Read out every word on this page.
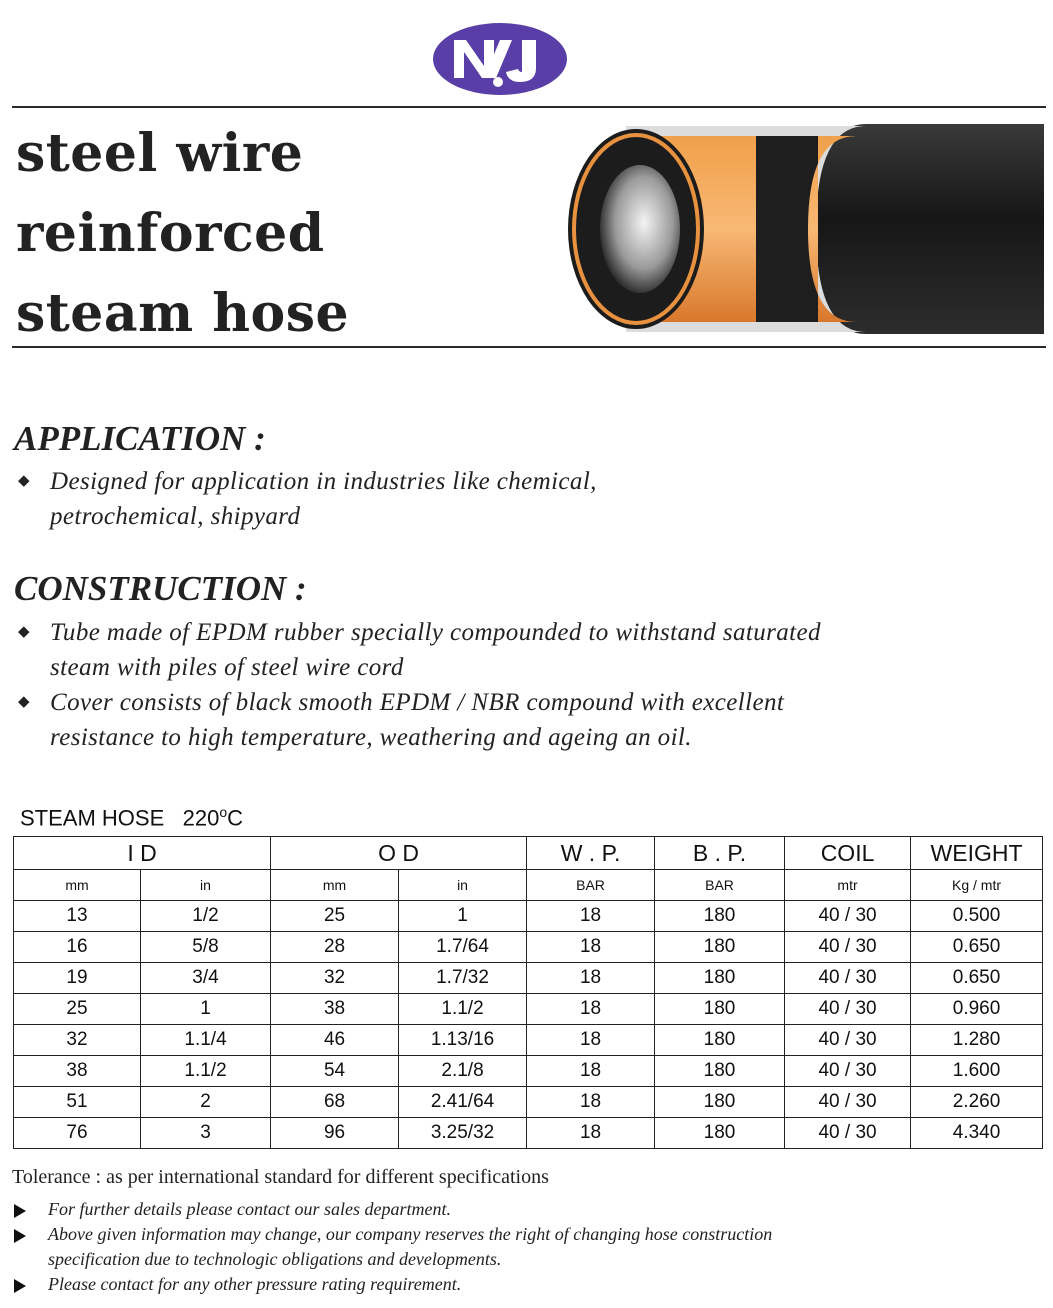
NJ
steel wire
reinforced
steam hose
APPLICATION :
◆ Designed for application in industries like chemical,
petrochemical, shipyard
CONSTRUCTION :
◆ Tube made of EPDM rubber specially compounded to withstand saturated
steam with piles of steel wire cord
◆ Cover consists of black smooth EPDM / NBR compound with excellent
resistance to high temperature, weathering and ageing an oil.
STEAM HOSE 220$^o$C
I D		O D		W . P.	B . P.	COIL	WEIGHT
mm	in	mm	in	BAR	BAR	mtr	Kg / mtr
13	1/2	25	1	18	180	40 / 30	0.500
16	5/8	28	1.7/64	18	180	40 / 30	0.650
19	3/4	32	1.7/32	18	180	40 / 30	0.650
25	1	38	1.1/2	18	180	40 / 30	0.960
32	1.1/4	46	1.13/16	18	180	40 / 30	1.280
38	1.1/2	54	2.1/8	18	180	40 / 30	1.600
51	2	68	2.41/64	18	180	40 / 30	2.260
76	3	96	3.25/32	18	180	40 / 30	4.340
Tolerance : as per international standard for different specifications
For further details please contact our sales department.
Above given information may change, our company reserves the right of changing hose construction
specification due to technologic obligations and developments.
Please contact for any other pressure rating requirement.
